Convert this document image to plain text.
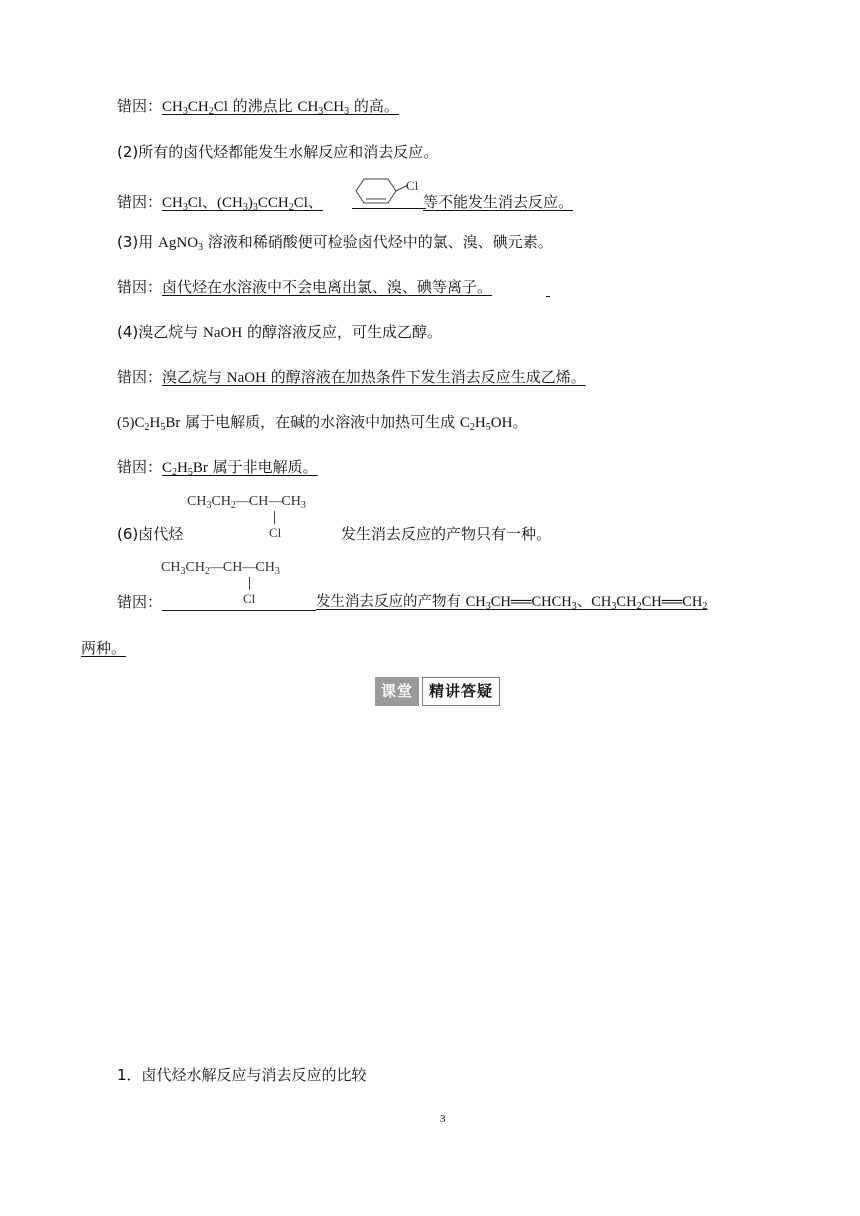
错因：$CH_3CH_2Cl$ 的沸点比 $CH_3CH_3$ 的高。
(2)所有的卤代烃都能发生水解反应和消去反应。
错因：$CH_3Cl$、$(CH_3)_3CCH_2Cl$、
Cl
等不能发生消去反应。
(3)用 AgNO$_3$ 溶液和稀硝酸便可检验卤代烃中的氯、溴、碘元素。
错因：卤代烃在水溶液中不会电离出氯、溴、碘等离子。
(4)溴乙烷与 NaOH 的醇溶液反应，可生成乙醇。
错因：溴乙烷与 NaOH 的醇溶液在加热条件下发生消去反应生成乙烯。
$(5)C_2H_5Br$ 属于电解质，在碱的水溶液中加热可生成 $C_2H_5OH$。
错因：$C_2H_5Br$ 属于非电解质。
$CH_3CH_2—CH—CH_3$
Cl
(6)卤代烃	发生消去反应的产物只有一种。
$CH_3CH_2—CH—CH_3$
Cl
错因：	发生消去反应的产物有 $CH_3CH══CHCH_3$、$CH_3CH_2CH══CH_2$
两种。
课堂	精讲答疑
1．卤代烃水解反应与消去反应的比较
3
